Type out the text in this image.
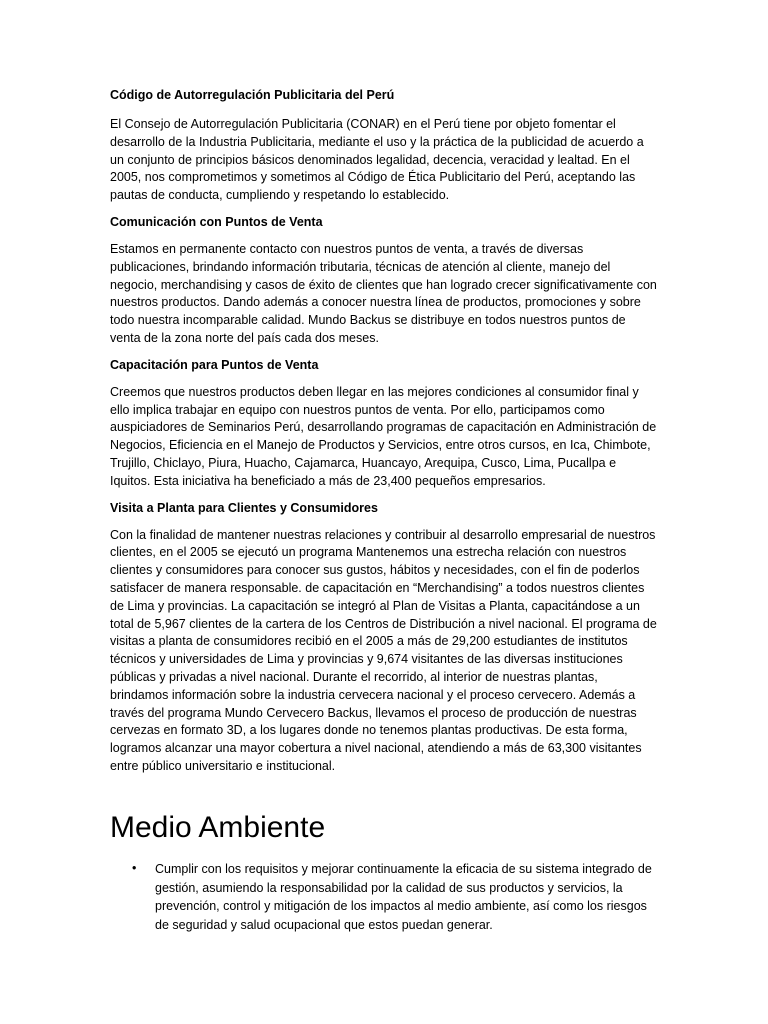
Código de Autorregulación Publicitaria del Perú

El Consejo de Autorregulación Publicitaria (CONAR) en el Perú tiene por objeto fomentar el desarrollo de la Industria Publicitaria, mediante el uso y la práctica de la publicidad de acuerdo a un conjunto de principios básicos denominados legalidad, decencia, veracidad y lealtad. En el 2005, nos comprometimos y sometimos al Código de Ética Publicitario del Perú, aceptando las pautas de conducta, cumpliendo y respetando lo establecido.

Comunicación con Puntos de Venta

Estamos en permanente contacto con nuestros puntos de venta, a través de diversas publicaciones, brindando información tributaria, técnicas de atención al cliente, manejo del negocio, merchandising y casos de éxito de clientes que han logrado crecer significativamente con nuestros productos. Dando además a conocer nuestra línea de productos, promociones y sobre todo nuestra incomparable calidad. Mundo Backus se distribuye en todos nuestros puntos de venta de la zona norte del país cada dos meses.

Capacitación para Puntos de Venta

Creemos que nuestros productos deben llegar en las mejores condiciones al consumidor final y ello implica trabajar en equipo con nuestros puntos de venta. Por ello, participamos como auspiciadores de Seminarios Perú, desarrollando programas de capacitación en Administración de Negocios, Eficiencia en el Manejo de Productos y Servicios, entre otros cursos, en Ica, Chimbote, Trujillo, Chiclayo, Piura, Huacho, Cajamarca, Huancayo, Arequipa, Cusco, Lima, Pucallpa e Iquitos. Esta iniciativa ha beneficiado a más de 23,400 pequeños empresarios.

Visita a Planta para Clientes y Consumidores

Con la finalidad de mantener nuestras relaciones y contribuir al desarrollo empresarial de nuestros clientes, en el 2005 se ejecutó un programa Mantenemos una estrecha relación con nuestros clientes y consumidores para conocer sus gustos, hábitos y necesidades, con el fin de poderlos satisfacer de manera responsable. de capacitación en “Merchandising” a todos nuestros clientes de Lima y provincias. La capacitación se integró al Plan de Visitas a Planta, capacitándose a un total de 5,967 clientes de la cartera de los Centros de Distribución a nivel nacional. El programa de visitas a planta de consumidores recibió en el 2005 a más de 29,200 estudiantes de institutos técnicos y universidades de Lima y provincias y 9,674 visitantes de las diversas instituciones públicas y privadas a nivel nacional. Durante el recorrido, al interior de nuestras plantas, brindamos información sobre la industria cervecera nacional y el proceso cervecero. Además a través del programa Mundo Cervecero Backus, llevamos el proceso de producción de nuestras cervezas en formato 3D, a los lugares donde no tenemos plantas productivas. De esta forma, logramos alcanzar una mayor cobertura a nivel nacional, atendiendo a más de 63,300 visitantes entre público universitario e institucional.

Medio Ambiente
• Cumplir con los requisitos y mejorar continuamente la eficacia de su sistema integrado de gestión, asumiendo la responsabilidad por la calidad de sus productos y servicios, la prevención, control y mitigación de los impactos al medio ambiente, así como los riesgos de seguridad y salud ocupacional que estos puedan generar.
